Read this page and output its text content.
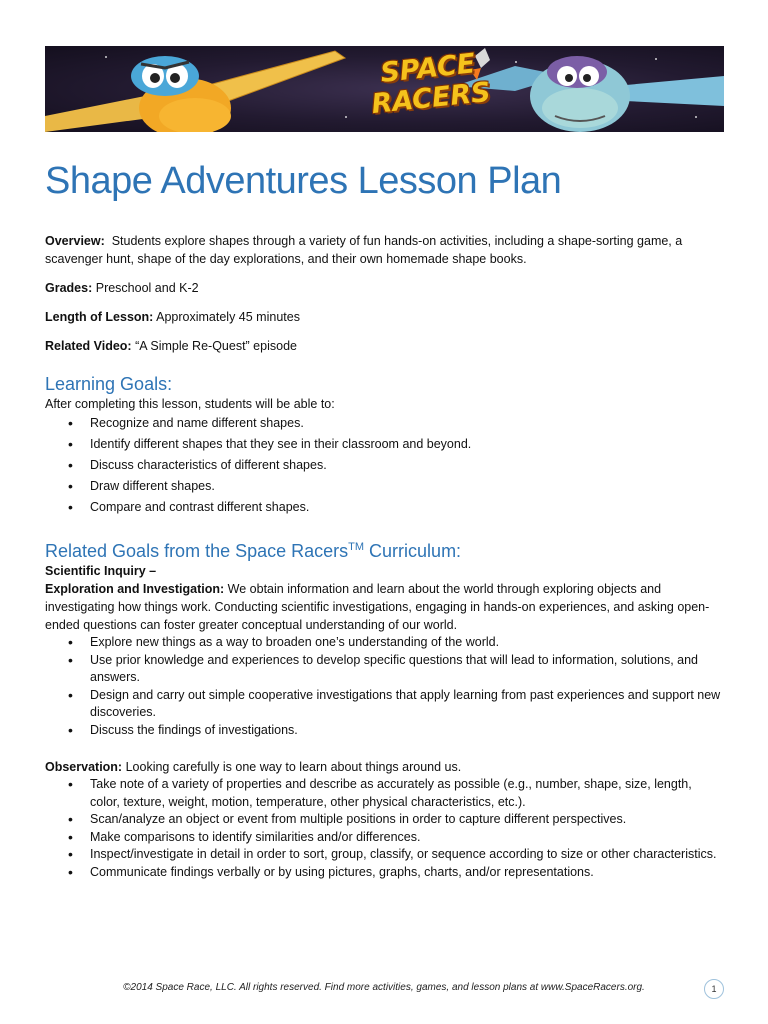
SPACE
RACERS
Shape Adventures Lesson Plan

Overview: Students explore shapes through a variety of fun hands-on activities, including a shape-sorting game, a scavenger hunt, shape of the day explorations, and their own homemade shape books.

Grades: Preschool and K-2

Length of Lesson: Approximately 45 minutes

Related Video: “A Simple Re-Quest” episode

Learning Goals:
After completing this lesson, students will be able to:
• Recognize and name different shapes.
• Identify different shapes that they see in their classroom and beyond.
• Discuss characteristics of different shapes.
• Draw different shapes.
• Compare and contrast different shapes.
Related Goals from the Space Racers™ Curriculum:
Scientific Inquiry –
Exploration and Investigation: We obtain information and learn about the world through exploring objects and investigating how things work. Conducting scientific investigations, engaging in hands-on experiences, and asking open-ended questions can foster greater conceptual understanding of our world.
• Explore new things as a way to broaden one’s understanding of the world.
• Use prior knowledge and experiences to develop specific questions that will lead to information, solutions, and answers.
• Design and carry out simple cooperative investigations that apply learning from past experiences and support new discoveries.
• Discuss the findings of investigations.
Observation: Looking carefully is one way to learn about things around us.
• Take note of a variety of properties and describe as accurately as possible (e.g., number, shape, size, length, color, texture, weight, motion, temperature, other physical characteristics, etc.).
• Scan/analyze an object or event from multiple positions in order to capture different perspectives.
• Make comparisons to identify similarities and/or differences.
• Inspect/investigate in detail in order to sort, group, classify, or sequence according to size or other characteristics.
• Communicate findings verbally or by using pictures, graphs, charts, and/or representations.
©2014 Space Race, LLC. All rights reserved. Find more activities, games, and lesson plans at www.SpaceRacers.org.	1
